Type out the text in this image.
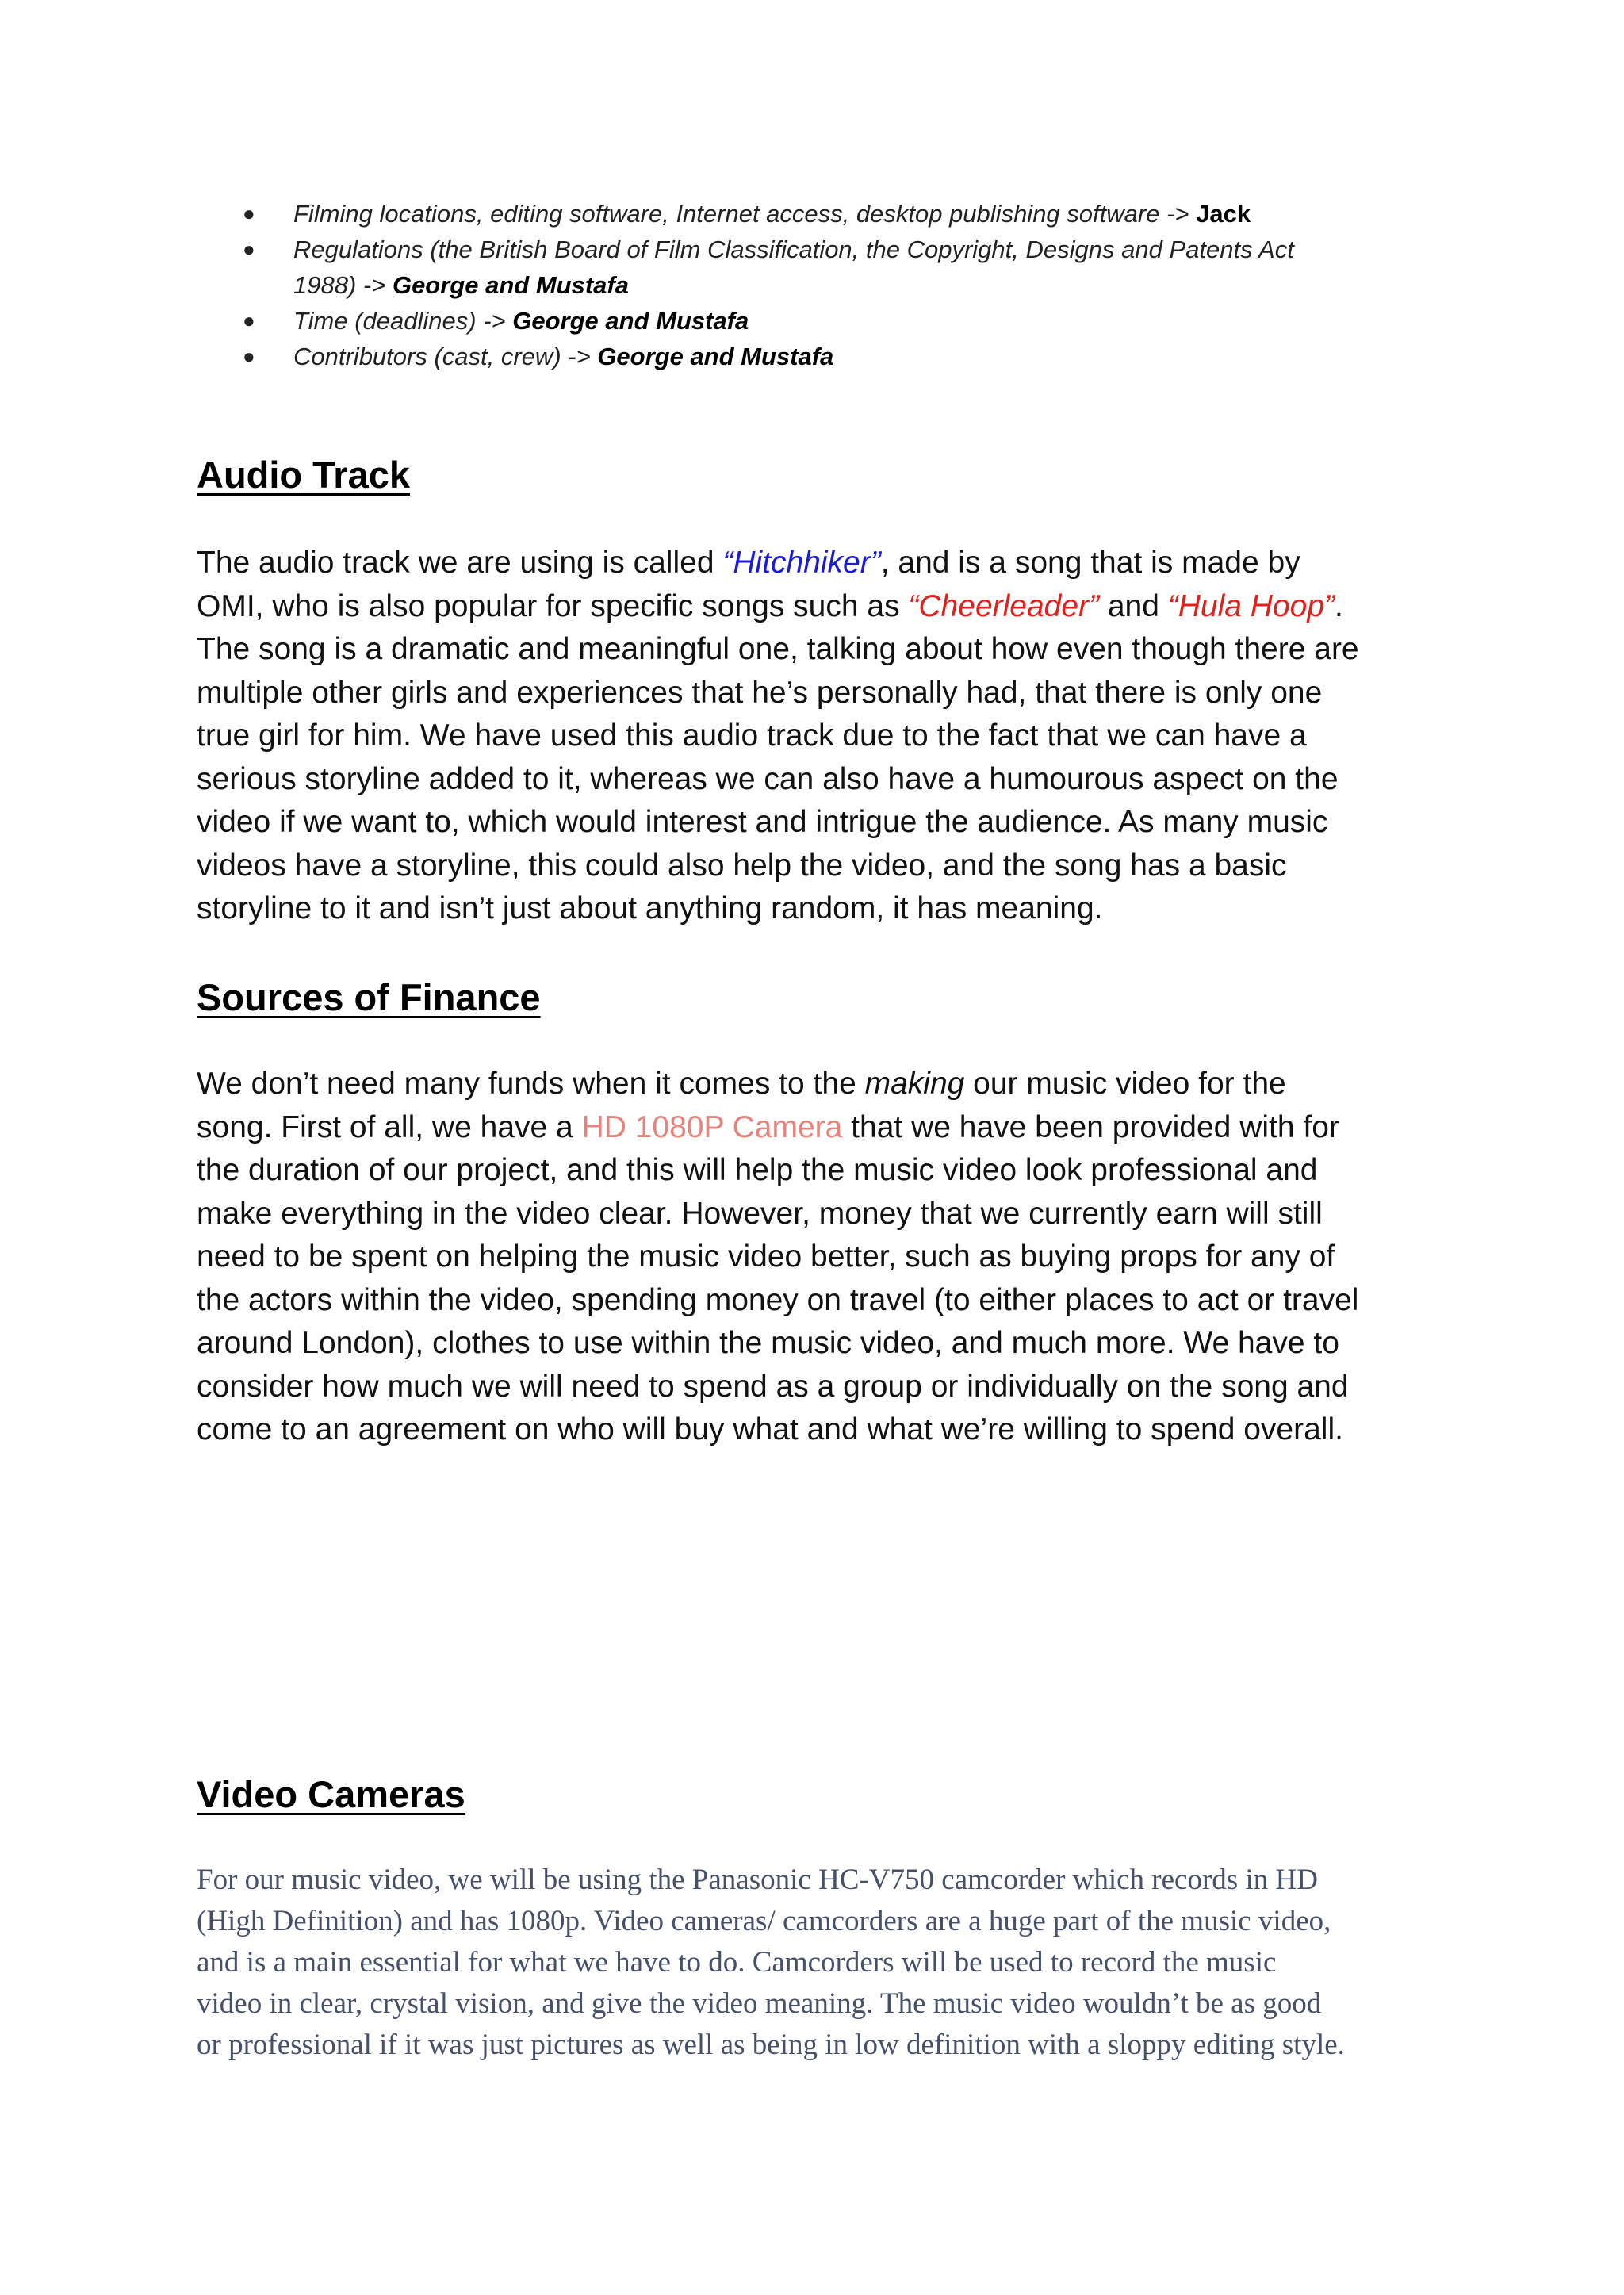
● Filming locations, editing software, Internet access, desktop publishing software -> Jack
● Regulations (the British Board of Film Classification, the Copyright, Designs and Patents Act
1988) -> George and Mustafa
● Time (deadlines) -> George and Mustafa
● Contributors (cast, crew) -> George and Mustafa
Audio Track

The audio track we are using is called “Hitchhiker”, and is a song that is made by
OMI, who is also popular for specific songs such as “Cheerleader” and “Hula Hoop”.
The song is a dramatic and meaningful one, talking about how even though there are
multiple other girls and experiences that he’s personally had, that there is only one
true girl for him. We have used this audio track due to the fact that we can have a
serious storyline added to it, whereas we can also have a humourous aspect on the
video if we want to, which would interest and intrigue the audience. As many music
videos have a storyline, this could also help the video, and the song has a basic
storyline to it and isn’t just about anything random, it has meaning.

Sources of Finance

We don’t need many funds when it comes to the making our music video for the
song. First of all, we have a HD 1080P Camera that we have been provided with for
the duration of our project, and this will help the music video look professional and
make everything in the video clear. However, money that we currently earn will still
need to be spent on helping the music video better, such as buying props for any of
the actors within the video, spending money on travel (to either places to act or travel
around London), clothes to use within the music video, and much more. We have to
consider how much we will need to spend as a group or individually on the song and
come to an agreement on who will buy what and what we’re willing to spend overall.

Video Cameras

For our music video, we will be using the Panasonic HC-V750 camcorder which records in HD
(High Definition) and has 1080p. Video cameras/ camcorders are a huge part of the music video,
and is a main essential for what we have to do. Camcorders will be used to record the music
video in clear, crystal vision, and give the video meaning. The music video wouldn’t be as good
or professional if it was just pictures as well as being in low definition with a sloppy editing style.
